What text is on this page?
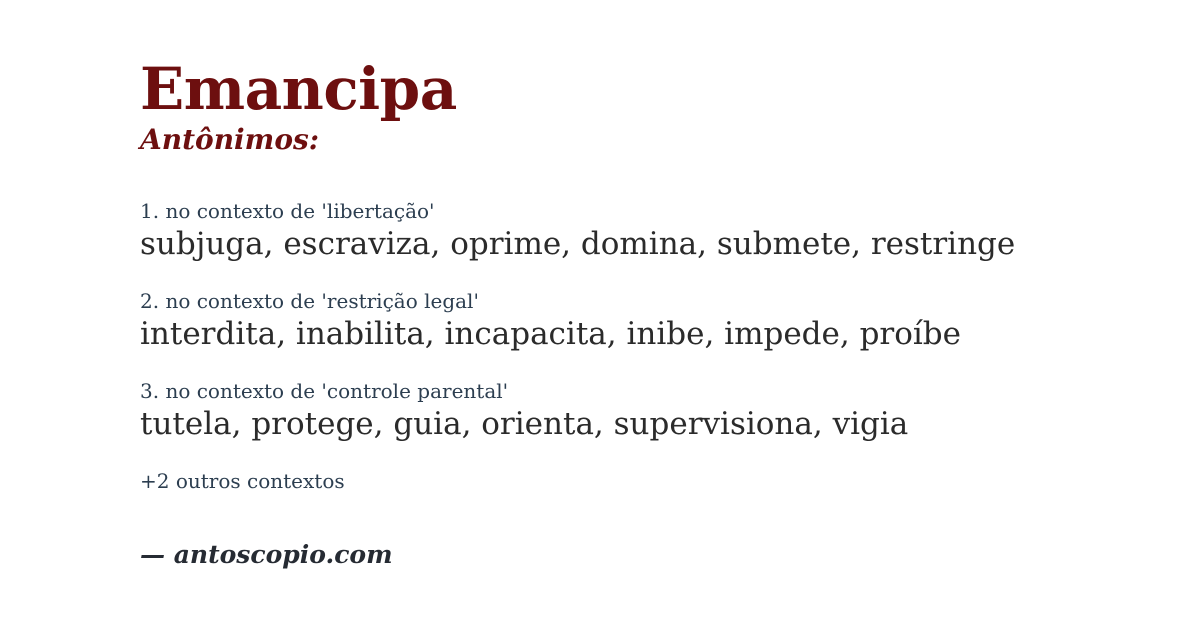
Emancipa
Antônimos:
1. no contexto de 'libertação'
subjuga, escraviza, oprime, domina, submete, restringe
2. no contexto de 'restrição legal'
interdita, inabilita, incapacita, inibe, impede, proíbe
3. no contexto de 'controle parental'
tutela, protege, guia, orienta, supervisiona, vigia
+2 outros contextos
— antoscopio.com
